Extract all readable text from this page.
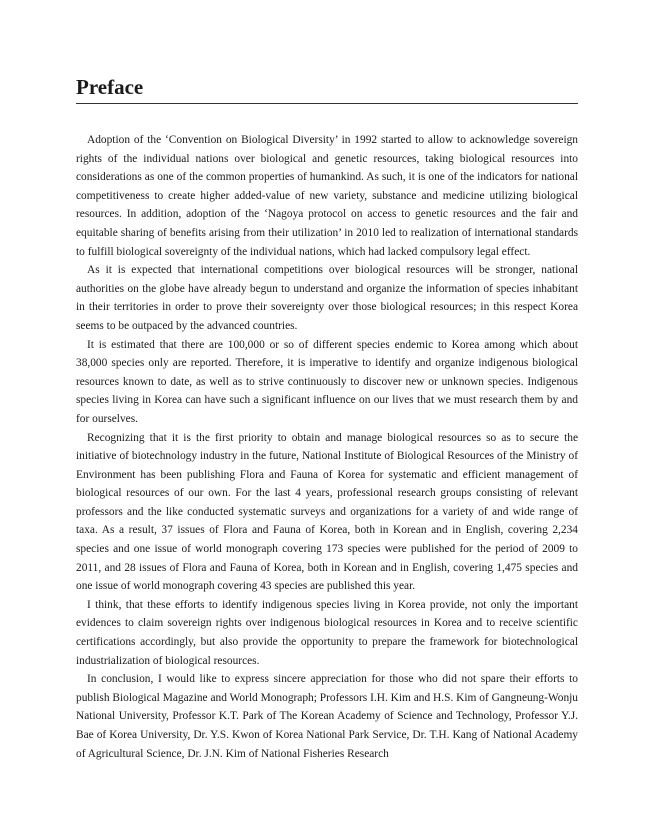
Preface

Adoption of the ‘Convention on Biological Diversity’ in 1992 started to allow to acknowledge sovereign rights of the individual nations over biological and genetic resources, taking biological resources into considerations as one of the common properties of humankind. As such, it is one of the indicators for national competitiveness to create higher added-value of new variety, substance and medicine utilizing biological resources. In addition, adoption of the ‘Nagoya protocol on access to genetic resources and the fair and equitable sharing of benefits arising from their utilization’ in 2010 led to realization of international standards to fulfill biological sovereignty of the individual nations, which had lacked compulsory legal effect.

As it is expected that international competitions over biological resources will be stronger, national authorities on the globe have already begun to understand and organize the information of species inhabitant in their territories in order to prove their sovereignty over those biological resources; in this respect Korea seems to be outpaced by the advanced countries.

It is estimated that there are 100,000 or so of different species endemic to Korea among which about 38,000 species only are reported. Therefore, it is imperative to identify and organize indigenous biological resources known to date, as well as to strive continuously to discover new or unknown species. Indigenous species living in Korea can have such a significant influence on our lives that we must research them by and for ourselves.

Recognizing that it is the first priority to obtain and manage biological resources so as to secure the initiative of biotechnology industry in the future, National Institute of Biological Resources of the Ministry of Environment has been publishing Flora and Fauna of Korea for systematic and efficient management of biological resources of our own. For the last 4 years, professional research groups consisting of relevant professors and the like conducted systematic surveys and organizations for a variety of and wide range of taxa. As a result, 37 issues of Flora and Fauna of Korea, both in Korean and in English, covering 2,234 species and one issue of world monograph covering 173 species were published for the period of 2009 to 2011, and 28 issues of Flora and Fauna of Korea, both in Korean and in English, covering 1,475 species and one issue of world monograph covering 43 species are published this year.

I think, that these efforts to identify indigenous species living in Korea provide, not only the important evidences to claim sovereign rights over indigenous biological resources in Korea and to receive scientific certifications accordingly, but also provide the opportunity to prepare the framework for biotechnological industrialization of biological resources.

In conclusion, I would like to express sincere appreciation for those who did not spare their efforts to publish Biological Magazine and World Monograph; Professors I.H. Kim and H.S. Kim of Gangneung-Wonju National University, Professor K.T. Park of The Korean Academy of Science and Technology, Professor Y.J. Bae of Korea University, Dr. Y.S. Kwon of Korea National Park Service, Dr. T.H. Kang of National Academy of Agricultural Science, Dr. J.N. Kim of National Fisheries Research
